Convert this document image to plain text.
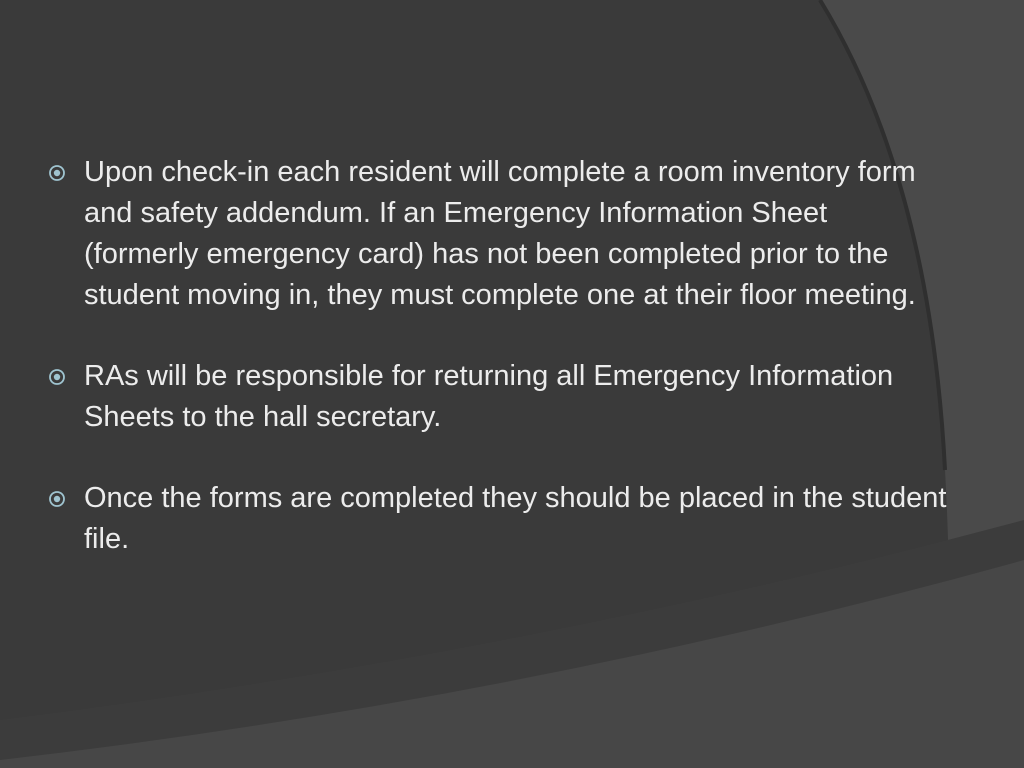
Upon check-in each resident will complete a room inventory form and safety addendum. If an Emergency Information Sheet (formerly emergency card) has not been completed prior to the student moving in, they must complete one at their floor meeting.
RAs will be responsible for returning all Emergency Information Sheets to the hall secretary.
Once the forms are completed they should be placed in the student file.
